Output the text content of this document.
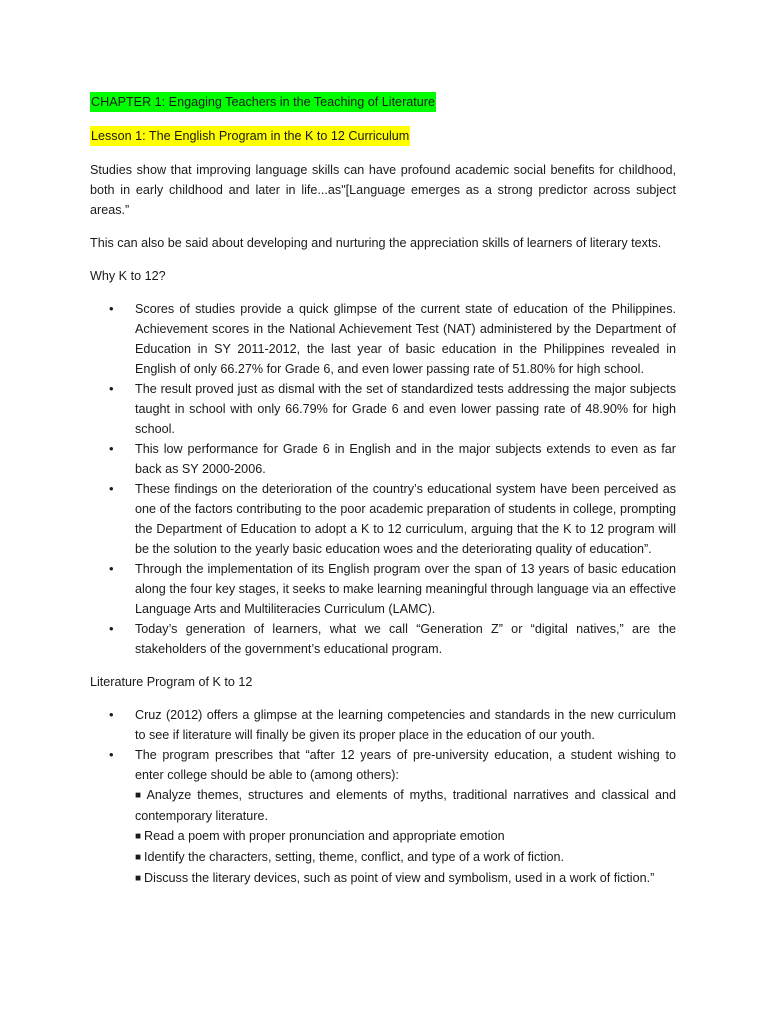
CHAPTER 1: Engaging Teachers in the Teaching of Literature

Lesson 1: The English Program in the K to 12 Curriculum

Studies show that improving language skills can have profound academic social benefits for childhood, both in early childhood and later in life...as"[Language emerges as a strong predictor across subject areas.”

This can also be said about developing and nurturing the appreciation skills of learners of literary texts.

Why K to 12?

• Scores of studies provide a quick glimpse of the current state of education of the Philippines. Achievement scores in the National Achievement Test (NAT) administered by the Department of Education in SY 2011-2012, the last year of basic education in the Philippines revealed in English of only 66.27% for Grade 6, and even lower passing rate of 51.80% for high school.
• The result proved just as dismal with the set of standardized tests addressing the major subjects taught in school with only 66.79% for Grade 6 and even lower passing rate of 48.90% for high school.
• This low performance for Grade 6 in English and in the major subjects extends to even as far back as SY 2000-2006.
• These findings on the deterioration of the country’s educational system have been perceived as one of the factors contributing to the poor academic preparation of students in college, prompting the Department of Education to adopt a K to 12 curriculum, arguing that the K to 12 program will be the solution to the yearly basic education woes and the deteriorating quality of education”.
• Through the implementation of its English program over the span of 13 years of basic education along the four key stages, it seeks to make learning meaningful through language via an effective Language Arts and Multiliteracies Curriculum (LAMC).
• Today’s generation of learners, what we call “Generation Z” or “digital natives,” are the stakeholders of the government’s educational program.

Literature Program of K to 12

• Cruz (2012) offers a glimpse at the learning competencies and standards in the new curriculum to see if literature will finally be given its proper place in the education of our youth.
• The program prescribes that “after 12 years of pre-university education, a student wishing to enter college should be able to (among others):

■ Analyze themes, structures and elements of myths, traditional narratives and classical and contemporary literature.

■ Read a poem with proper pronunciation and appropriate emotion

■ Identify the characters, setting, theme, conflict, and type of a work of fiction.

■ Discuss the literary devices, such as point of view and symbolism, used in a work of fiction.”
